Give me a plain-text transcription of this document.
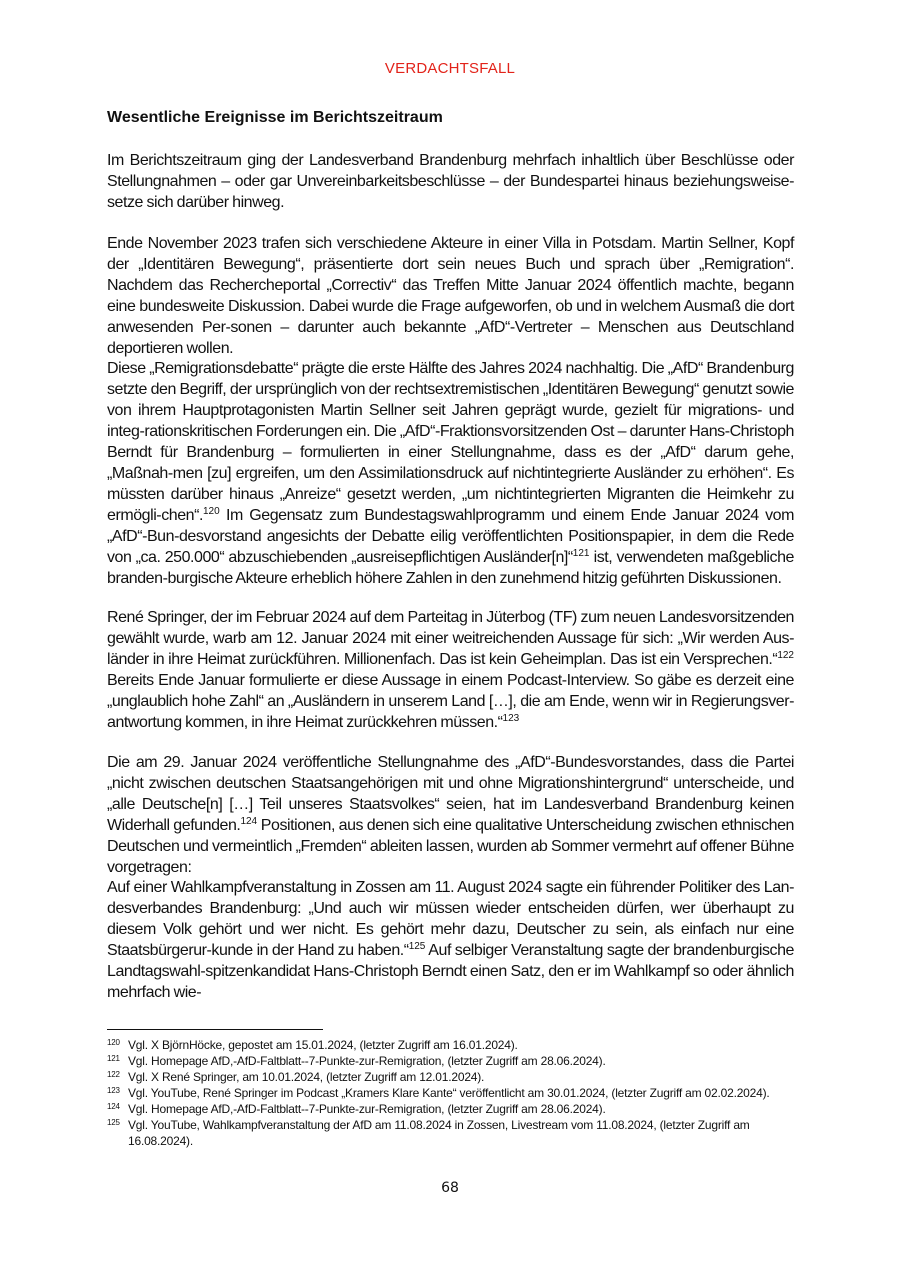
VERDACHTSFALL
Wesentliche Ereignisse im Berichtszeitraum
Im Berichtszeitraum ging der Landesverband Brandenburg mehrfach inhaltlich über Beschlüsse oder Stellungnahmen – oder gar Unvereinbarkeitsbeschlüsse – der Bundespartei hinaus beziehungsweise-setze sich darüber hinweg.
Ende November 2023 trafen sich verschiedene Akteure in einer Villa in Potsdam. Martin Sellner, Kopf der „Identitären Bewegung“, präsentierte dort sein neues Buch und sprach über „Remigration“. Nachdem das Rechercheportal „Correctiv“ das Treffen Mitte Januar 2024 öffentlich machte, begann eine bundesweite Diskussion. Dabei wurde die Frage aufgeworfen, ob und in welchem Ausmaß die dort anwesenden Per-sonen – darunter auch bekannte „AfD“-Vertreter – Menschen aus Deutschland deportieren wollen.
Diese „Remigrationsdebatte“ prägte die erste Hälfte des Jahres 2024 nachhaltig. Die „AfD“ Brandenburg setzte den Begriff, der ursprünglich von der rechtsextremistischen „Identitären Bewegung“ genutzt sowie von ihrem Hauptprotagonisten Martin Sellner seit Jahren geprägt wurde, gezielt für migrations- und integ-rationskritischen Forderungen ein. Die „AfD“-Fraktionsvorsitzenden Ost – darunter Hans-Christoph Berndt für Brandenburg – formulierten in einer Stellungnahme, dass es der „AfD“ darum gehe, „Maßnah-men [zu] ergreifen, um den Assimilationsdruck auf nichtintegrierte Ausländer zu erhöhen“. Es müssten darüber hinaus „Anreize“ gesetzt werden, „um nichtintegrierten Migranten die Heimkehr zu ermögli-chen“.$^{120}$ Im Gegensatz zum Bundestagswahlprogramm und einem Ende Januar 2024 vom „AfD“-Bun-desvorstand angesichts der Debatte eilig veröffentlichten Positionspapier, in dem die Rede von „ca. 250.000“ abzuschiebenden „ausreisepflichtigen Ausländer[n]“$^{121}$ ist, verwendeten maßgebliche branden-burgische Akteure erheblich höhere Zahlen in den zunehmend hitzig geführten Diskussionen.
René Springer, der im Februar 2024 auf dem Parteitag in Jüterbog (TF) zum neuen Landesvorsitzenden gewählt wurde, warb am 12. Januar 2024 mit einer weitreichenden Aussage für sich: „Wir werden Aus-länder in ihre Heimat zurückführen. Millionenfach. Das ist kein Geheimplan. Das ist ein Versprechen.“$^{122}$ Bereits Ende Januar formulierte er diese Aussage in einem Podcast-Interview. So gäbe es derzeit eine „unglaublich hohe Zahl“ an „Ausländern in unserem Land […], die am Ende, wenn wir in Regierungsver-antwortung kommen, in ihre Heimat zurückkehren müssen.“$^{123}$
Die am 29. Januar 2024 veröffentliche Stellungnahme des „AfD“-Bundesvorstandes, dass die Partei „nicht zwischen deutschen Staatsangehörigen mit und ohne Migrationshintergrund“ unterscheide, und „alle Deutsche[n] […] Teil unseres Staatsvolkes“ seien, hat im Landesverband Brandenburg keinen Widerhall gefunden.$^{124}$ Positionen, aus denen sich eine qualitative Unterscheidung zwischen ethnischen Deutschen und vermeintlich „Fremden“ ableiten lassen, wurden ab Sommer vermehrt auf offener Bühne vorgetragen:
Auf einer Wahlkampfveranstaltung in Zossen am 11. August 2024 sagte ein führender Politiker des Lan-desverbandes Brandenburg: „Und auch wir müssen wieder entscheiden dürfen, wer überhaupt zu diesem Volk gehört und wer nicht. Es gehört mehr dazu, Deutscher zu sein, als einfach nur eine Staatsbürgerur-kunde in der Hand zu haben.“$^{125}$ Auf selbiger Veranstaltung sagte der brandenburgische Landtagswahl-spitzenkandidat Hans-Christoph Berndt einen Satz, den er im Wahlkampf so oder ähnlich mehrfach wie-
120 Vgl. X BjörnHöcke, gepostet am 15.01.2024, (letzter Zugriff am 16.01.2024).
121 Vgl. Homepage AfD,-AfD-Faltblatt--7-Punkte-zur-Remigration, (letzter Zugriff am 28.06.2024).
122 Vgl. X René Springer, am 10.01.2024, (letzter Zugriff am 12.01.2024).
123 Vgl. YouTube, René Springer im Podcast „Kramers Klare Kante“ veröffentlicht am 30.01.2024, (letzter Zugriff am 02.02.2024).
124 Vgl. Homepage AfD,-AfD-Faltblatt--7-Punkte-zur-Remigration, (letzter Zugriff am 28.06.2024).
125 Vgl. YouTube, Wahlkampfveranstaltung der AfD am 11.08.2024 in Zossen, Livestream vom 11.08.2024, (letzter Zugriff am 16.08.2024).
68
